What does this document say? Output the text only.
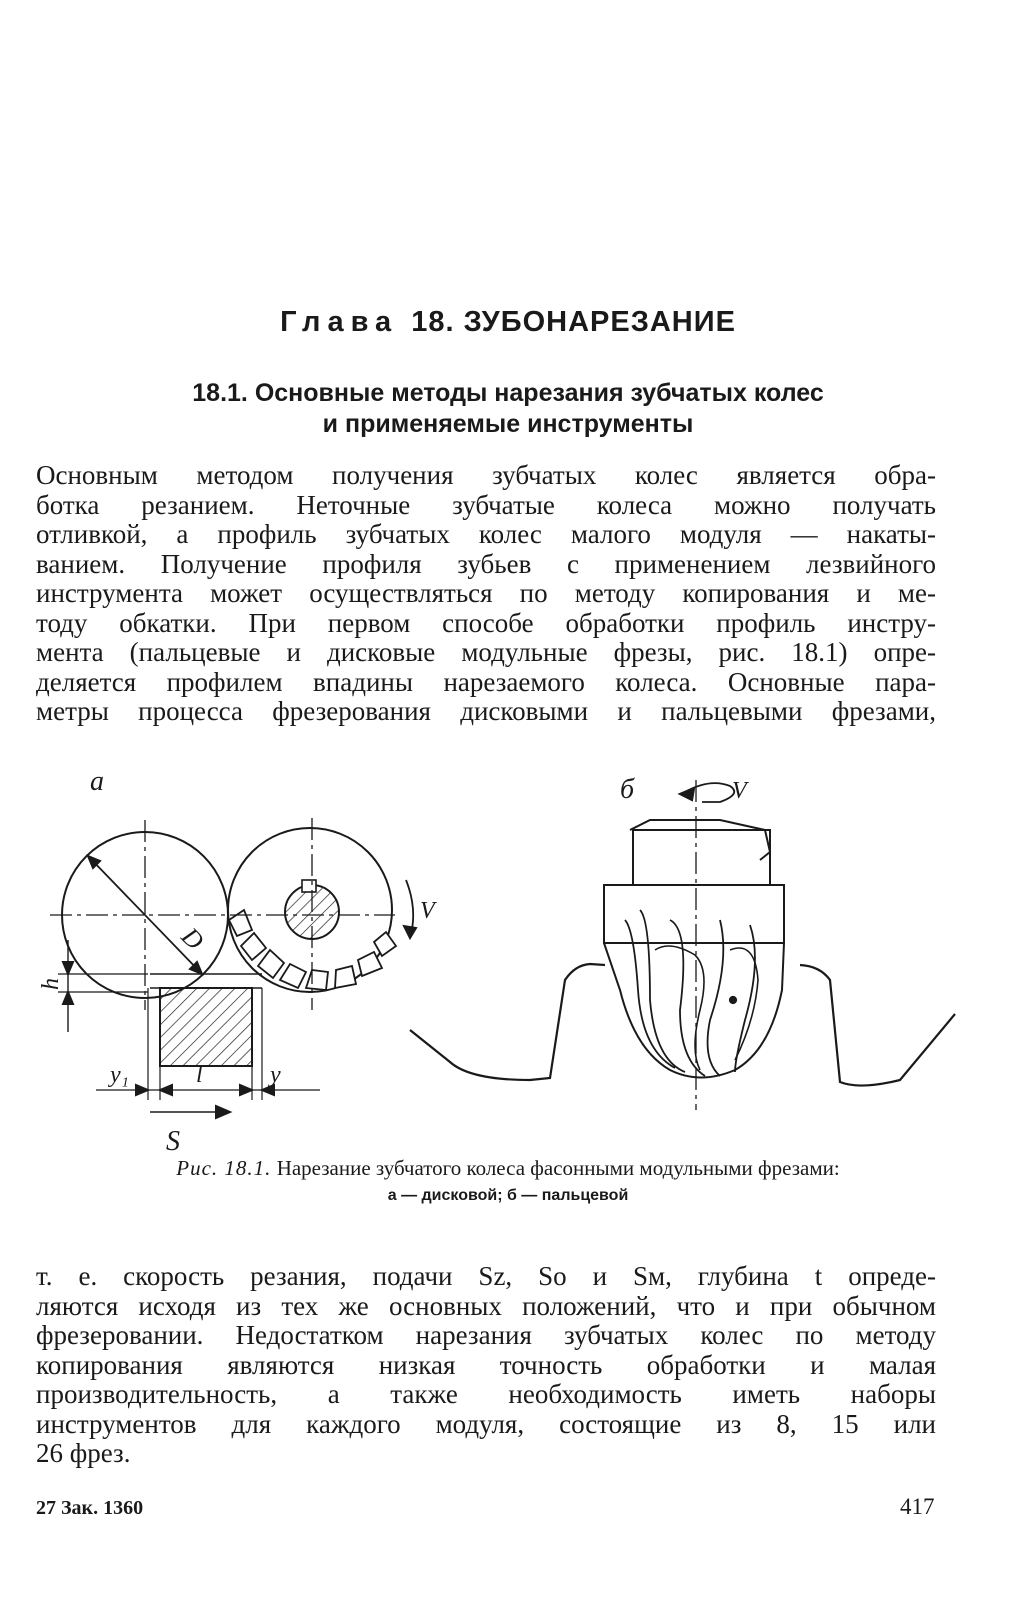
Глава 18. ЗУБОНАРЕЗАНИЕ
18.1. Основные методы нарезания зубчатых колес
и применяемые инструменты
Основным методом получения зубчатых колес является обра-
ботка резанием. Неточные зубчатые колеса можно получать
отливкой, а профиль зубчатых колес малого модуля — накаты-
ванием. Получение профиля зубьев с применением лезвийного
инструмента может осуществляться по методу копирования и ме-
тоду обкатки. При первом способе обработки профиль инстру-
мента (пальцевые и дисковые модульные фрезы, рис. 18.1) опре-
деляется профилем впадины нарезаемого колеса. Основные пара-
метры процесса фрезерования дисковыми и пальцевыми фрезами,
а
D
V
h
y₁	l	y
S
б	V
Рис. 18.1. Нарезание зубчатого колеса фасонными модульными фрезами:
а — дисковой; б — пальцевой
т. е. скорость резания, подачи Sz, Sо и Sм, глубина t опреде-
ляются исходя из тех же основных положений, что и при обычном
фрезеровании. Недостатком нарезания зубчатых колес по методу
копирования являются низкая точность обработки и малая
производительность, а также необходимость иметь наборы
инструментов для каждого модуля, состоящие из 8, 15 или
26 фрез.
27 Зак. 1360	417
